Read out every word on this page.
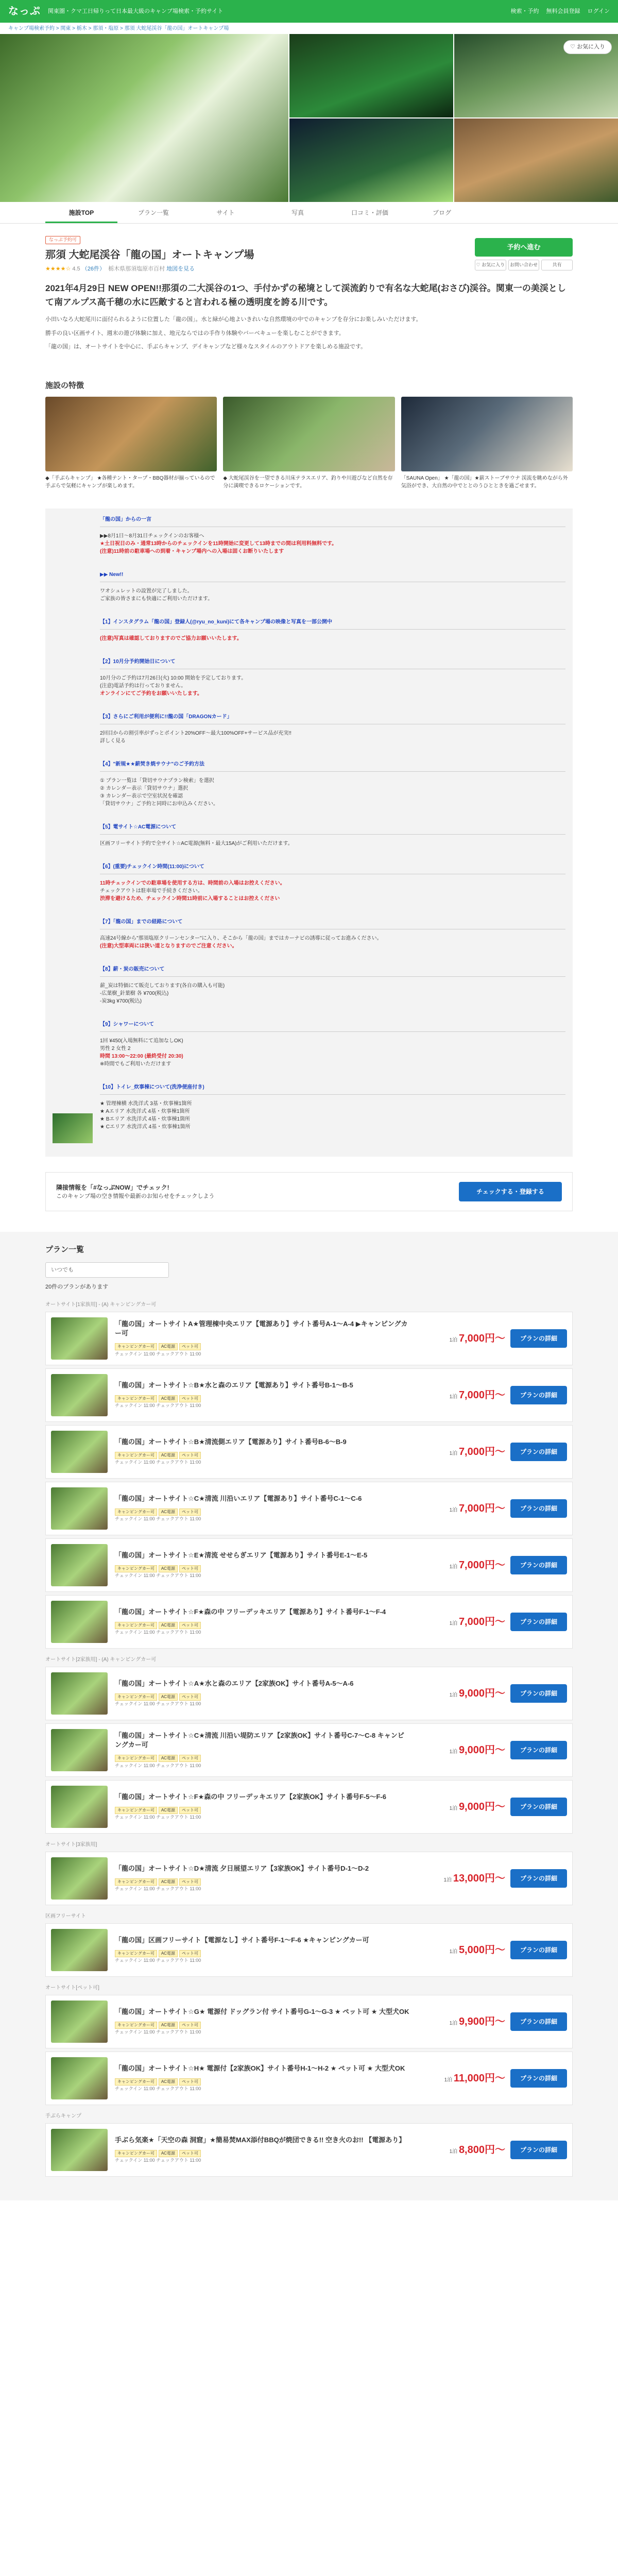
なっぷ 関東圏・クマ工日帰りって日本最大級のキャンプ場検索・予約サイト	検索・予約 無料会員登録 ログイン
キャンプ場検索予約 > 関東 > 栃木 > 那須・塩原 > 那須 大蛇尾渓谷「龍の国」オートキャンプ場
♡ お気に入り
施設TOP	プラン一覧	サイト	写真	口コミ・評価	ブログ
なっぷ予約可
那須 大蛇尾渓谷「龍の国」オートキャンプ場
★★★★☆ 4.5 （26件） 栃木県那須塩原市百村 地図を見る
予約へ進む
♡ お気に入り	お問い合わせ	共有
2021年4月29日 NEW OPEN!!那須の二大渓谷の1つ、手付かずの秘境として渓流釣りで有名な大蛇尾(おさび)渓谷。関東一の美渓として南アルプス高千穂の水に匹敵すると言われる極の透明度を誇る川です。

小田いなろ大蛇尾川に面付られるように位置した「龍の国」。水と緑が心地よいきれいな自然環境の中でのキャンプを存分にお楽しみいただけます。

勝手の良い区画サイト、週末の遊び体験に加え、地元ならではの手作り体験やバーベキューを楽しむことができます。

「龍の国」は、オートサイトを中心に、手ぶらキャンプ、デイキャンプなど様々なスタイルのアウトドアを楽しめる施設です。

施設の特徴

◆「手ぶらキャンプ」 ★各種テント・タープ・BBQ器材が揃っているので手ぶらで気軽にキャンプが楽しめます。

◆ 大蛇尾渓谷を一望できる川床テラスエリア、釣りや川遊びなど自然を存分に満喫できるロケーションです。

「SAUNA Open」 ★「龍の国」★薪ストーブサウナ 渓流を眺めながら外気浴ができ、大自然の中でととのうひとときを過ごせます。

「龍の国」からの一言
▶▶8月1日〜8月31日チェックインのお客様へ
★土日祝日のみ・通常13時からのチェックインを11時開始に変更して13時までの間は利用料無料です。
(注意)11時前の駐車場への到着・キャンプ場内への入場は固くお断りいたします
▶▶ New!!
ワオシュレットの設置が完了しました。
ご家族の皆さまにも快適にご利用いただけます。
【1】インスタグラム「龍の国」登録人(@ryu_no_kuni)にて各キャンプ場の映像と写真を一部公開中
(注意)写真は確認しておりますのでご協力お願いいたします。
【2】10月分予約開始日について
10月分のご予約は7月26日(火) 10:00 開始を予定しております。
(注意)電話予約は行っておりません。
オンラインにてご予約をお願いいたします。
【3】さらにご利用が便利に!!龍の国「DRAGONカード」
2回目からの割引率がずっとポイント20%OFF〜最大100%OFF+サービス品が充実!!
詳しく見る
【4】"新規★★薪焚き焼サウナ"のご予約方法
① プラン一覧は「貸切サウナプラン検索」を選択
② カレンダー表示「貸切サウナ」選択
③ カレンダー表示で空室状況を確認
「貸切サウナ」ご予約と同時にお申込みください。
【5】電サイト☆AC電源について
区画フリーサイト予約で全サイト☆AC電源(無料・最大15A)がご利用いただけます。
【6】(重要)チェックイン時間(11:00)について
11時チェックインでの駐車場を使用する方は、時間前の入場はお控えください。
チェックアウトは駐車場で手続きください。
渋滞を避けるため、チェックイン時間11時前に入場することはお控えください
【7】「龍の国」までの経路について
高速24号線から"那須塩原クリーンセンター"に入り、そこから「龍の国」まではカーナビの誘導に従ってお進みください。
(注意)大型車両には狭い道となりますのでご注意ください。
【8】薪・炭の販売について
薪_炭は特価にて販売しております(各自の購入も可能)
-広葉樹_針葉樹 各 ¥700(税込)
-炭3kg ¥700(税込)
【9】シャワーについて
1回 ¥450(入場無料にて追加なしOK)
男性 2 女性 2
時間 13:00〜22:00 (最終受付 20:30)
※時間でもご利用いただけます
【10】トイレ_炊事棟について(洗浄便座付き)
★ 管理棟横 水洗洋式 3基・炊事棟1箇所
★ Aエリア 水洗洋式 4基・炊事棟1箇所
★ Bエリア 水洗洋式 4基・炊事棟1箇所
★ Cエリア 水洗洋式 4基・炊事棟1箇所
隣接情報を「#なっぷNOW」でチェック!
このキャンプ場の空き情報や最新のお知らせをチェックしよう
チェックする・登録する
プラン一覧
いつでも
20件のプランがあります
オートサイト[1家族用] - (A) キャンピングカー可
「龍の国」オートサイトA★管理棟中央エリア【電源あり】サイト番号A-1〜A-4 ▶キャンピングカー可
キャンピングカー可 AC電源 ペット可
チェックイン 11:00 チェックアウト 11:00
1泊 7,000円〜	プランの詳細
「龍の国」オートサイト☆B★水と森のエリア【電源あり】サイト番号B-1〜B-5
キャンピングカー可 AC電源 ペット可
チェックイン 11:00 チェックアウト 11:00
1泊 7,000円〜	プランの詳細
「龍の国」オートサイト☆B★清流側エリア【電源あり】サイト番号B-6〜B-9
キャンピングカー可 AC電源 ペット可
チェックイン 11:00 チェックアウト 11:00
1泊 7,000円〜	プランの詳細
「龍の国」オートサイト☆C★清流 川沿いエリア【電源あり】サイト番号C-1〜C-6
キャンピングカー可 AC電源 ペット可
チェックイン 11:00 チェックアウト 11:00
1泊 7,000円〜	プランの詳細
「龍の国」オートサイト☆E★清流 せせらぎエリア【電源あり】サイト番号E-1〜E-5
キャンピングカー可 AC電源 ペット可
チェックイン 11:00 チェックアウト 11:00
1泊 7,000円〜	プランの詳細
「龍の国」オートサイト☆F★森の中 フリーデッキエリア【電源あり】サイト番号F-1〜F-4
キャンピングカー可 AC電源 ペット可
チェックイン 11:00 チェックアウト 11:00
1泊 7,000円〜	プランの詳細
オートサイト[2家族用] - (A) キャンピングカー可
「龍の国」オートサイト☆A★水と森のエリア【2家族OK】サイト番号A-5〜A-6
キャンピングカー可 AC電源 ペット可
チェックイン 11:00 チェックアウト 11:00
1泊 9,000円〜	プランの詳細
「龍の国」オートサイト☆C★清流 川沿い堤防エリア【2家族OK】サイト番号C-7〜C-8 キャンピングカー可
キャンピングカー可 AC電源 ペット可
チェックイン 11:00 チェックアウト 11:00
1泊 9,000円〜	プランの詳細
「龍の国」オートサイト☆F★森の中 フリーデッキエリア【2家族OK】サイト番号F-5〜F-6
キャンピングカー可 AC電源 ペット可
チェックイン 11:00 チェックアウト 11:00
1泊 9,000円〜	プランの詳細
オートサイト[3家族用]
「龍の国」オートサイト☆D★清流 夕日展望エリア【3家族OK】サイト番号D-1〜D-2
キャンピングカー可 AC電源 ペット可
チェックイン 11:00 チェックアウト 11:00
1泊 13,000円〜	プランの詳細
区画フリーサイト
「龍の国」区画フリーサイト【電源なし】サイト番号F-1〜F-6 ★キャンピングカー可
キャンピングカー可 AC電源 ペット可
チェックイン 11:00 チェックアウト 11:00
1泊 5,000円〜	プランの詳細
オートサイト[ペット可]
「龍の国」オートサイト☆G★ 電源付 ドッグラン付 サイト番号G-1〜G-3 ★ ペット可 ★ 大型犬OK
キャンピングカー可 AC電源 ペット可
チェックイン 11:00 チェックアウト 11:00
1泊 9,900円〜	プランの詳細
「龍の国」オートサイト☆H★ 電源付【2家族OK】サイト番号H-1〜H-2 ★ ペット可 ★ 大型犬OK
キャンピングカー可 AC電源 ペット可
チェックイン 11:00 チェックアウト 11:00
1泊 11,000円〜	プランの詳細
手ぶらキャンプ
手ぶら気楽★「天空の森 洞窟」★簡易焚MAX添付BBQが焼団できる!! 空き火のお!! 【電源あり】
キャンピングカー可 AC電源 ペット可
チェックイン 11:00 チェックアウト 11:00
1泊 8,800円〜	プランの詳細
